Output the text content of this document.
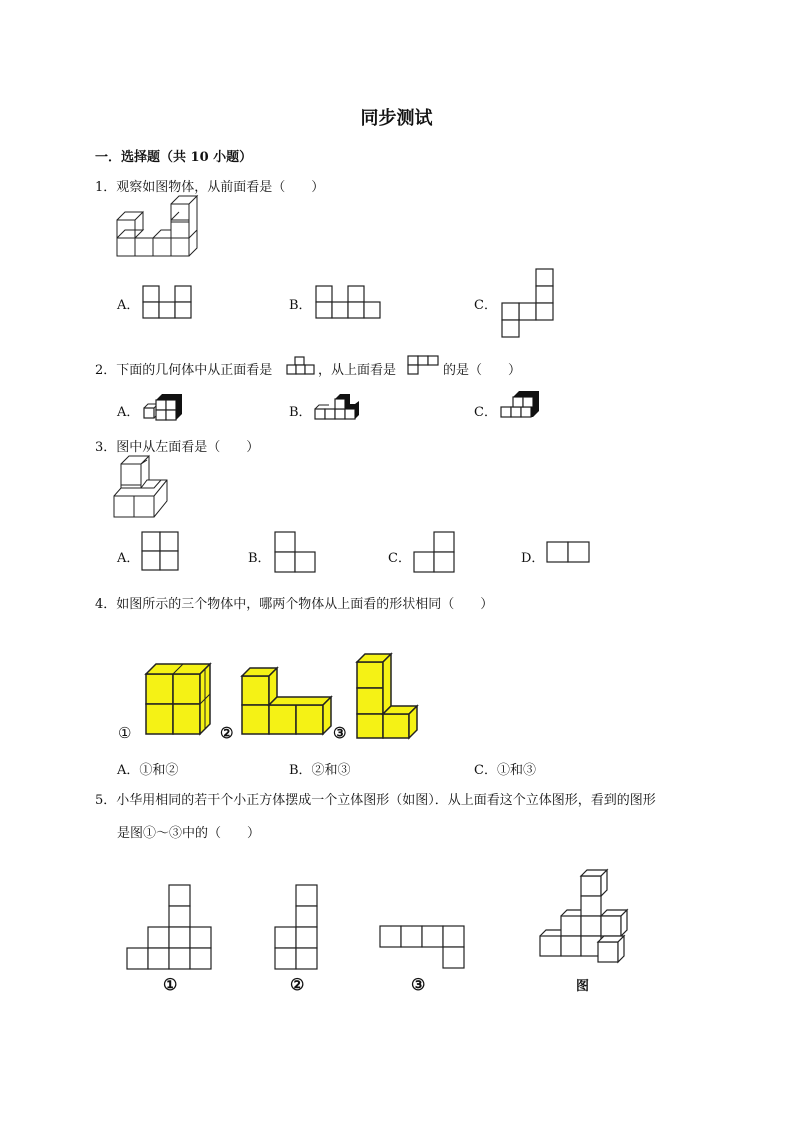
同步测试
一．选择题（共 10 小题）
1．观察如图物体，从前面看是（　　）
A．	B．	C．
2．下面的几何体中从正面看是	，从上面看是	的是（　　）
A．	B．	C．
3．图中从左面看是（　　）
A．	B．	C．	D．
4．如图所示的三个物体中，哪两个物体从上面看的形状相同（　　）
①	②	③
A．①和②	B．②和③	C．①和③
5．小华用相同的若干个小正方体摆成一个立体图形（如图）．从上面看这个立体图形，看到的图形
是图①～③中的（　　）
①	②	③	图
